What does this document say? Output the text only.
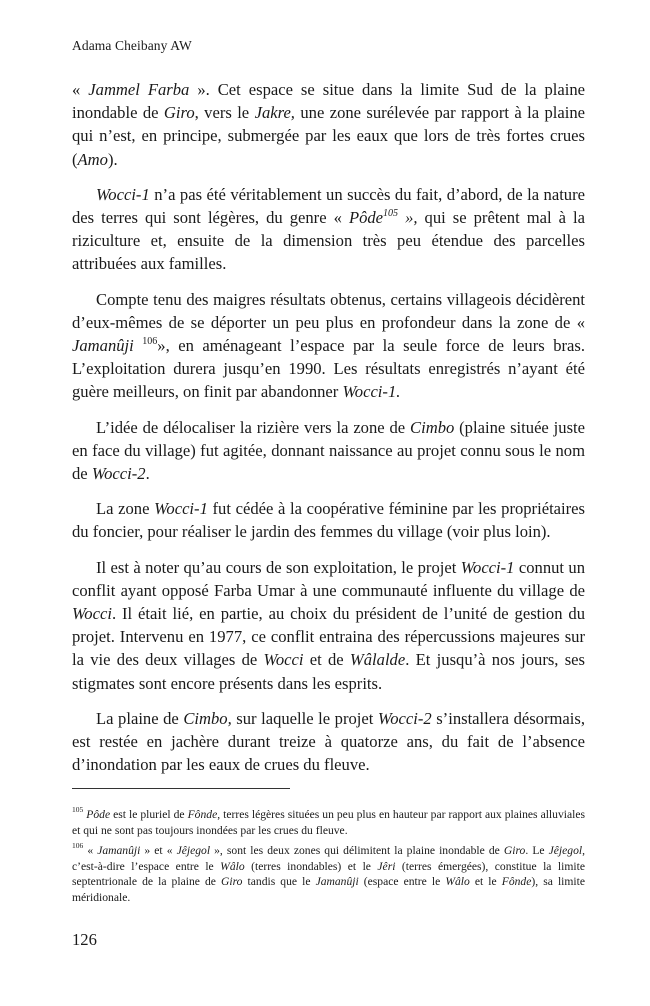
Adama Cheibany AW

« Jammel Farba ». Cet espace se situe dans la limite Sud de la plaine inondable de Giro, vers le Jakre, une zone surélevée par rapport à la plaine qui n’est, en principe, submergée par les eaux que lors de très fortes crues (Amo).

Wocci-1 n’a pas été véritablement un succès du fait, d’abord, de la nature des terres qui sont légères, du genre « Pôde$^{105}$ », qui se prêtent mal à la riziculture et, ensuite de la dimension très peu étendue des parcelles attribuées aux familles.

Compte tenu des maigres résultats obtenus, certains villageois décidèrent d’eux-mêmes de se déporter un peu plus en profondeur dans la zone de « Jamanûji $^{106}$», en aménageant l’espace par la seule force de leurs bras. L’exploitation durera jusqu’en 1990. Les résultats enregistrés n’ayant été guère meilleurs, on finit par abandonner Wocci-1.

L’idée de délocaliser la rizière vers la zone de Cimbo (plaine située juste en face du village) fut agitée, donnant naissance au projet connu sous le nom de Wocci-2.

La zone Wocci-1 fut cédée à la coopérative féminine par les propriétaires du foncier, pour réaliser le jardin des femmes du village (voir plus loin).

Il est à noter qu’au cours de son exploitation, le projet Wocci-1 connut un conflit ayant opposé Farba Umar à une communauté influente du village de Wocci. Il était lié, en partie, au choix du président de l’unité de gestion du projet. Intervenu en 1977, ce conflit entraina des répercussions majeures sur la vie des deux villages de Wocci et de Wâlalde. Et jusqu’à nos jours, ses stigmates sont encore présents dans les esprits.

La plaine de Cimbo, sur laquelle le projet Wocci-2 s’installera désormais, est restée en jachère durant treize à quatorze ans, du fait de l’absence d’inondation par les eaux de crues du fleuve.

$^{105}$ Pôde est le pluriel de Fônde, terres légères situées un peu plus en hauteur par rapport aux plaines alluviales et qui ne sont pas toujours inondées par les crues du fleuve.

$^{106}$ « Jamanûji » et « Jêjegol », sont les deux zones qui délimitent la plaine inondable de Giro. Le Jêjegol, c’est-à-dire l’espace entre le Wâlo (terres inondables) et le Jêri (terres émergées), constitue la limite septentrionale de la plaine de Giro tandis que le Jamanûji (espace entre le Wâlo et le Fônde), sa limite méridionale.

126
